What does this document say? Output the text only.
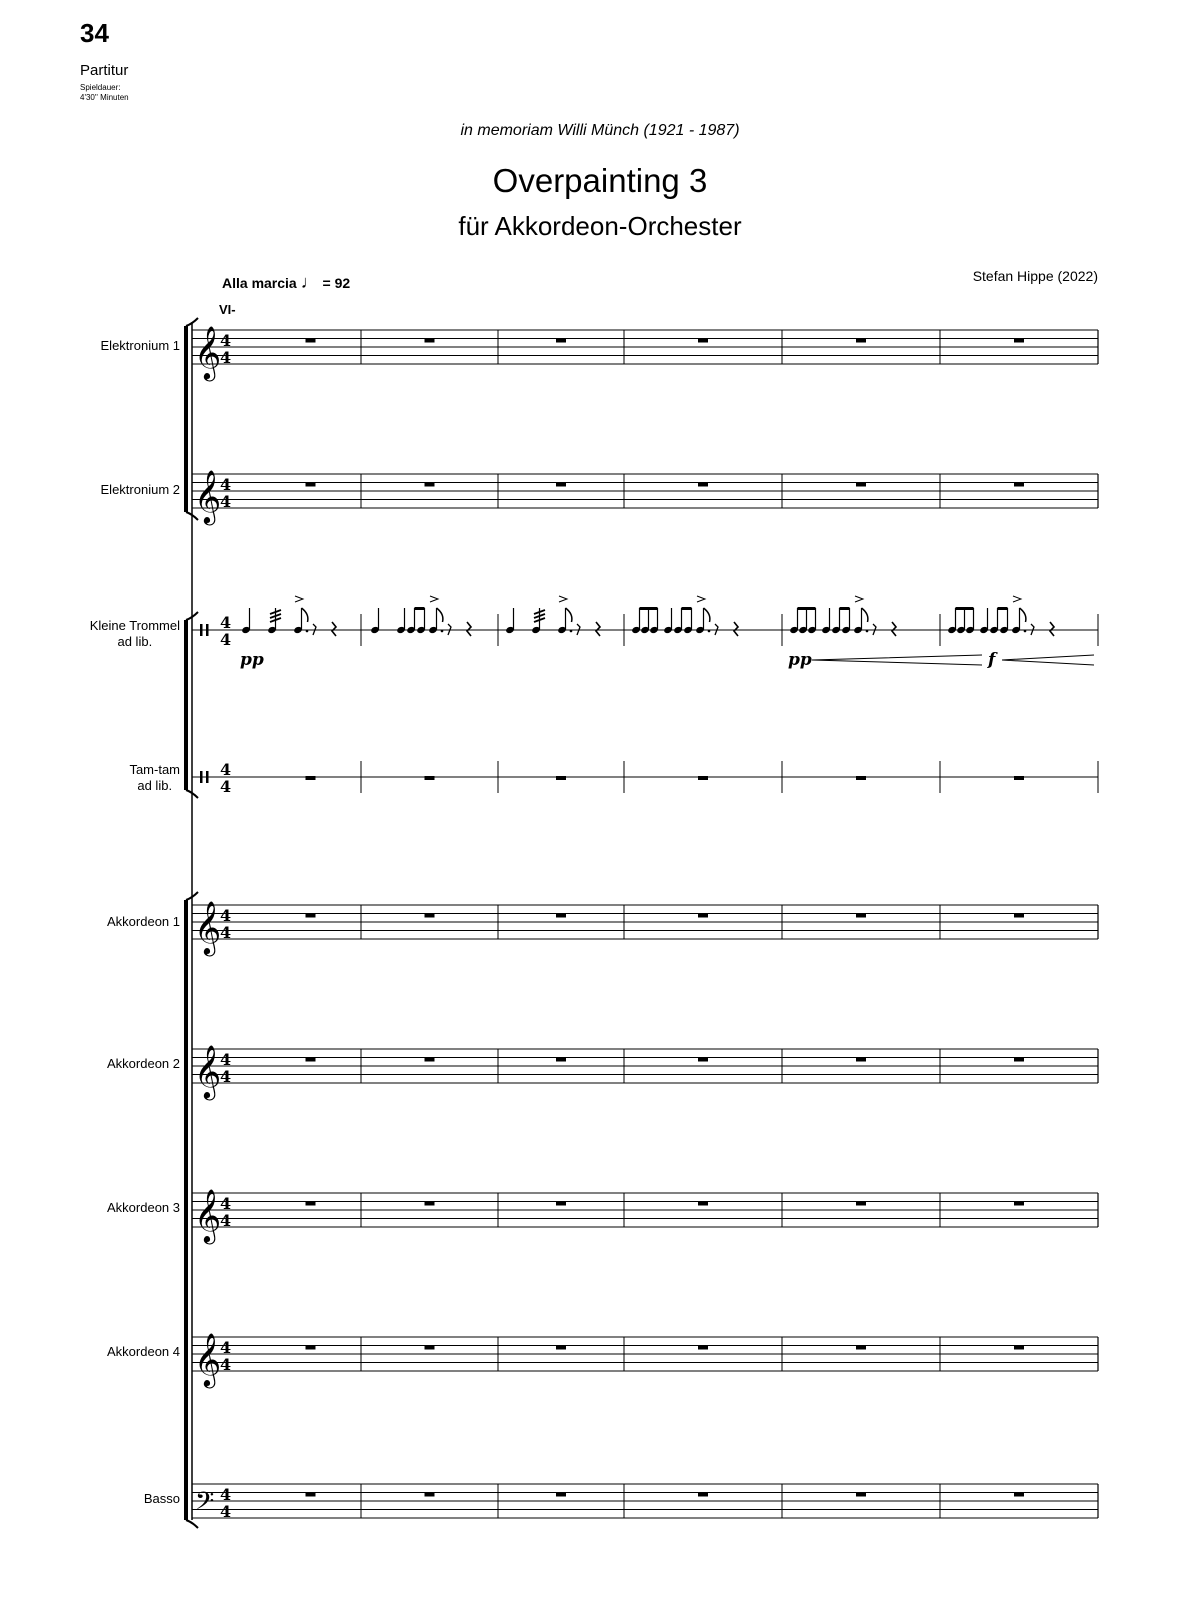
34
Partitur
Spieldauer:
4'30'' Minuten
in memoriam Willi Münch (1921 - 1987)
Overpainting 3
für Akkordeon-Orchester
Alla marcia ♩ = 92	Stefan Hippe (2022)
VI-
Elektronium 1
Elektronium 2
Kleine Trommel
ad lib.
Tam-tam
ad lib.
Akkordeon 1
Akkordeon 2
Akkordeon 3
Akkordeon 4
Basso
𝄞
4
4
𝄞
4
4
𝄞
4
4
𝄞
4
4
𝄞
4
4
𝄞
4
4
𝄢 4
4
4
4
4
4
pp	pp	f
